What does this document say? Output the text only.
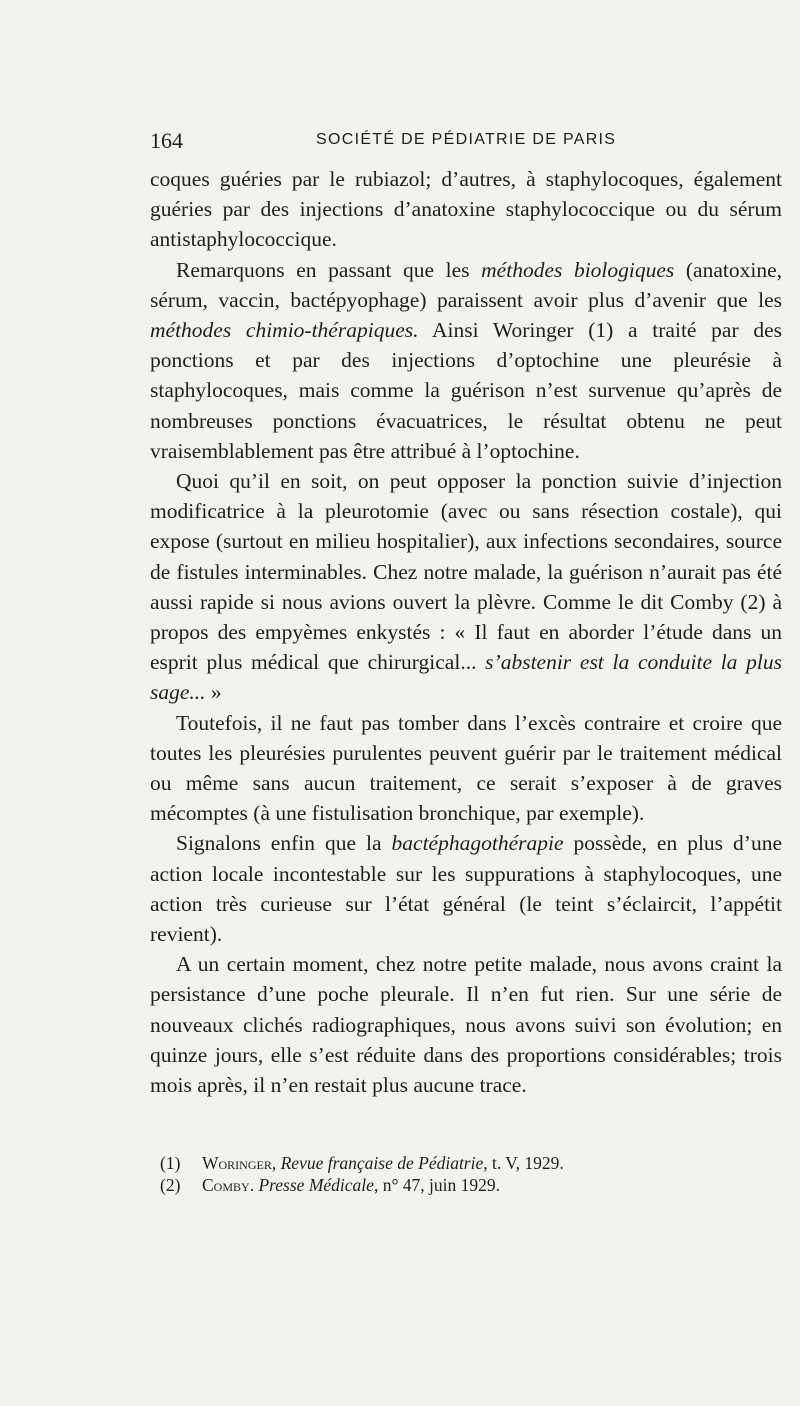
164	SOCIÉTÉ DE PÉDIATRIE DE PARIS

coques guéries par le rubiazol; d’autres, à staphylocoques, également guéries par des injections d’anatoxine staphylococcique ou du sérum antistaphylococcique.

Remarquons en passant que les méthodes biologiques (anatoxine, sérum, vaccin, bactépyophage) paraissent avoir plus d’avenir que les méthodes chimio-thérapiques. Ainsi Woringer (1) a traité par des ponctions et par des injections d’optochine une pleurésie à staphylocoques, mais comme la guérison n’est survenue qu’après de nombreuses ponctions évacuatrices, le résultat obtenu ne peut vraisemblablement pas être attribué à l’optochine.

Quoi qu’il en soit, on peut opposer la ponction suivie d’injection modificatrice à la pleurotomie (avec ou sans résection costale), qui expose (surtout en milieu hospitalier), aux infections secondaires, source de fistules interminables. Chez notre malade, la guérison n’aurait pas été aussi rapide si nous avions ouvert la plèvre. Comme le dit Comby (2) à propos des empyèmes enkystés : « Il faut en aborder l’étude dans un esprit plus médical que chirurgical... s’abstenir est la conduite la plus sage... »

Toutefois, il ne faut pas tomber dans l’excès contraire et croire que toutes les pleurésies purulentes peuvent guérir par le traitement médical ou même sans aucun traitement, ce serait s’exposer à de graves mécomptes (à une fistulisation bronchique, par exemple).

Signalons enfin que la bactéphagothérapie possède, en plus d’une action locale incontestable sur les suppurations à staphylocoques, une action très curieuse sur l’état général (le teint s’éclaircit, l’appétit revient).

A un certain moment, chez notre petite malade, nous avons craint la persistance d’une poche pleurale. Il n’en fut rien. Sur une série de nouveaux clichés radiographiques, nous avons suivi son évolution; en quinze jours, elle s’est réduite dans des proportions considérables; trois mois après, il n’en restait plus aucune trace.

(1) Woringer, Revue française de Pédiatrie, t. V, 1929.
(2) Comby. Presse Médicale, n° 47, juin 1929.
